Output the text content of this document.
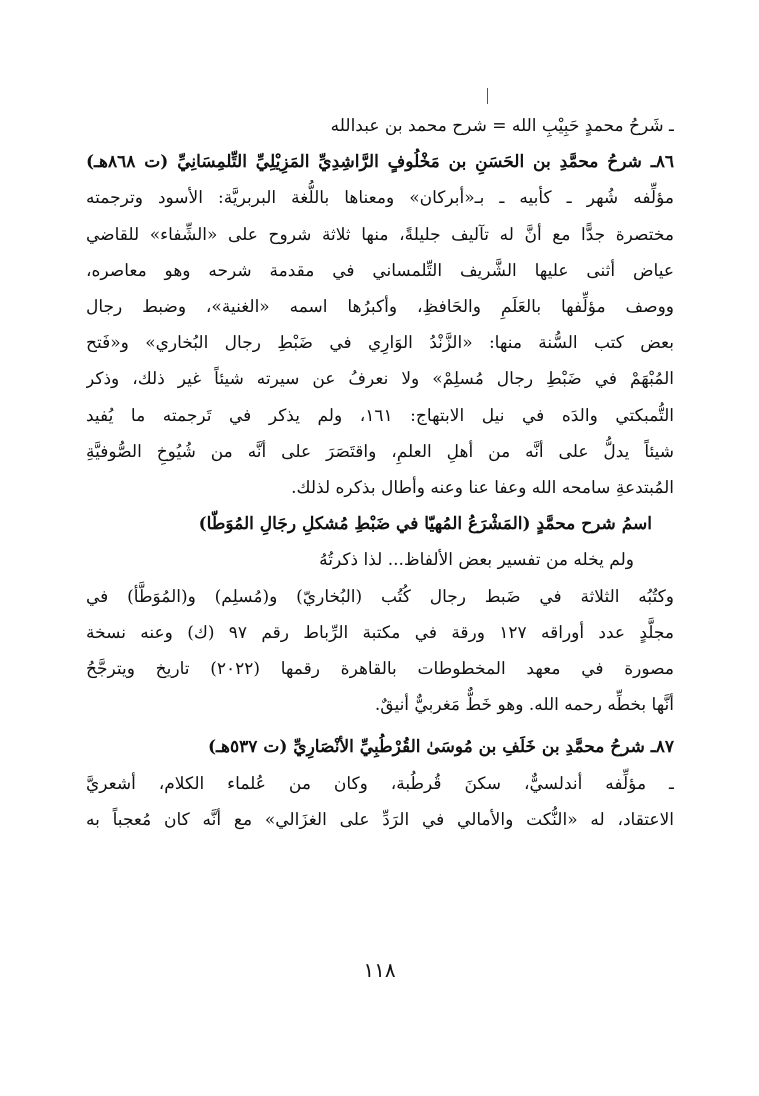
ـ شَرحُ محمدٍ حَبِيْبِ الله = شرح محمد بن عبدالله
٨٦ـ شرحُ محمَّدِ بن الحَسَنِ بن مَخْلُوفٍ الرَّاشِدِيِّ المَزِيْلِيِّ التِّلمِسَانِيِّ (ت ٨٦٨هـ)
مؤلِّفه شُهر ـ كأبيه ـ بـ«أبركان» ومعناها باللُّغة البربريَّة: الأسود وترجمته
مختصرة جدًّا مع أنَّ له تآليف جليلةً، منها ثلاثة شروح على «الشِّفاء» للقاضي
عياض أثنى عليها الشَّريف التِّلمساني في مقدمة شرحه وهو معاصره،
ووصف مؤلِّفها بالعَلَمِ والحَافظِ، وأكبرُها اسمه «الغنية»، وضبط رجال
بعض كتب السُّنة منها: «الزَّنْدُ الوَارِي في ضَبْطِ رجال البُخاري» و«فَتح
المُبْهَمْ في ضَبْطِ رجال مُسلِمْ» ولا نعرفُ عن سيرته شيئاً غير ذلك، وذكر
التُّمبكتي والدَه في نيل الابتهاج: ١٦١، ولم يذكر في تَرجمته ما يُفيد
شيئاً يدلُّ على أنَّه من أهلِ العلمِ، واقتَصَرَ على أنَّه من شُيُوخِ الصُّوفيَّةِ
المُبتدعةِ سامحه الله وعفا عنا وعنه وأطال بذكره لذلك.
اسمُ شرح محمَّدٍ (المَشْرَعُ المُهيّا في ضَبْطِ مُشكلِ رجَالِ المُوَطّا)
ولم يخله من تفسير بعض الألفاظ... لذا ذكرتُهُ
وكتُبُه الثلاثة في ضَبط رجال كُتُب (البُخاريّ) و(مُسلِم) و(المُوَطَّأ) في
مجلَّدٍ عدد أوراقه ١٢٧ ورقة في مكتبة الرِّباط رقم ٩٧ (ك) وعنه نسخة
مصورة في معهد المخطوطات بالقاهرة رقمها (٢٠٢٢) تاريخ ويترجَّحُ
أنَّها بخطِّه رحمه الله. وهو خَطٌّ مَغربيٌّ أنيقٌ.
٨٧ـ شرحُ محمَّدِ بن خَلَفِ بن مُوسَىٰ القُرْطُبِيِّ الأنْصَارِيِّ (ت ٥٣٧هـ)
ـ مؤلِّفه أندلسيٌّ، سكنَ قُرطُبة، وكان من عُلماء الكلام، أشعريَّ
الاعتقاد، له «النُّكت والأمالي في الرَدِّ على الغزَالي» مع أنَّه كان مُعجباً به
١١٨
